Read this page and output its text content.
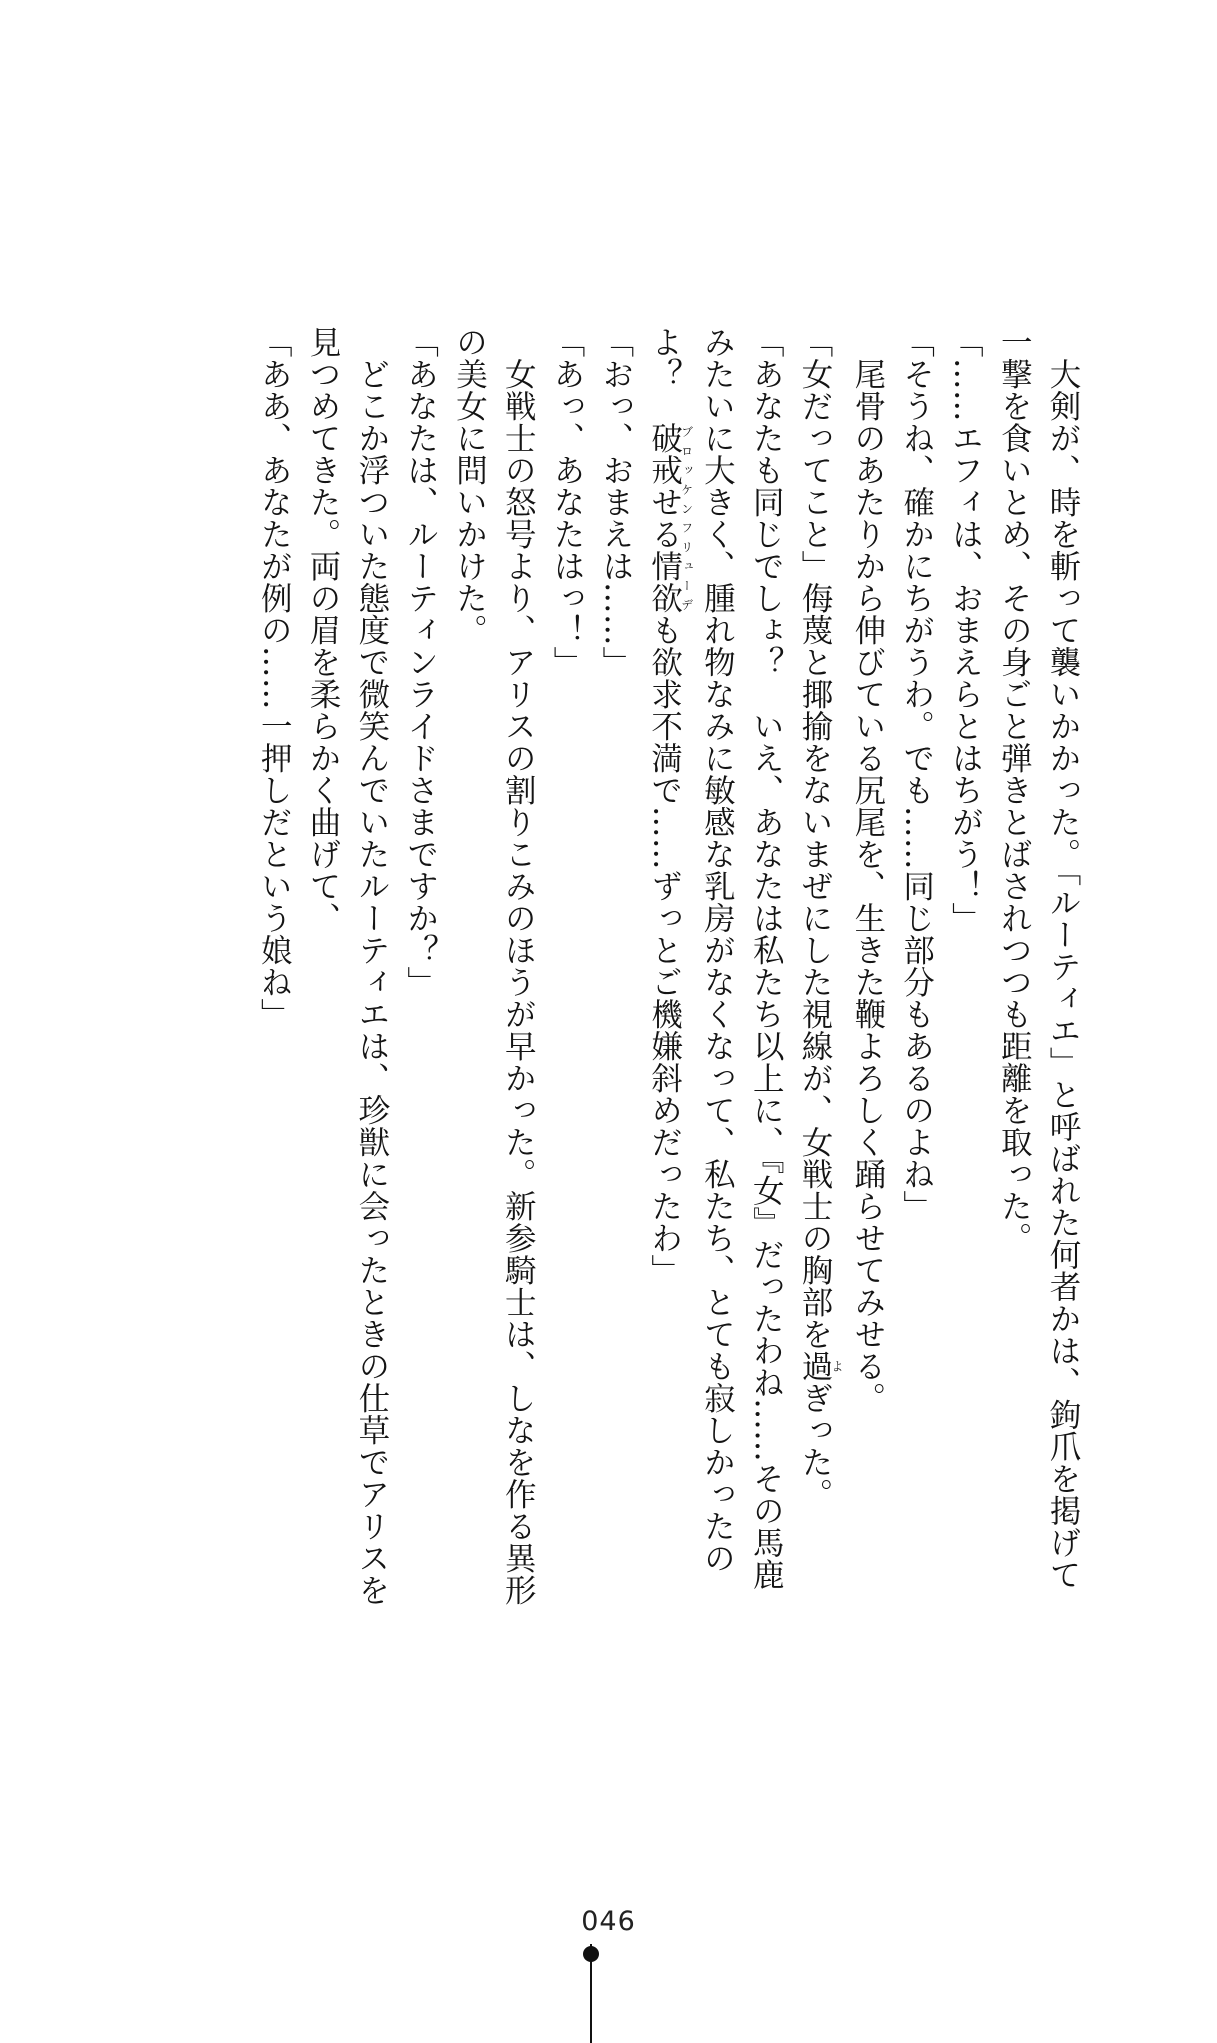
　大剣が、時を斬って襲いかかった。「ルーティエ」と呼ばれた何者かは、鉤爪を掲げて
一撃を食いとめ、その身ごと弾きとばされつつも距離を取った。
「……エフィは、おまえらとはちがう！」
「そうね、確かにちがうわ。でも……同じ部分もあるのよね」
　尾骨のあたりから伸びている尻尾を、生きた鞭よろしく踊らせてみせる。
「女だってこと」侮蔑と揶揄をないまぜにした視線が、女戦士の胸部を過よぎった。
「あなたも同じでしょ？　いえ、あなたは私たち以上に、『女』だったわね……その馬鹿
みたいに大きく、腫れ物なみに敏感な乳房がなくなって、私たち、とても寂しかったの
よ？　破戒せる情欲ブロッケンフリューデも欲求不満で……ずっとご機嫌斜めだったわ」
「おっ、おまえは……」
「あっ、あなたはっ！」
　女戦士の怒号より、アリスの割りこみのほうが早かった。新参騎士は、しなを作る異形
の美女に問いかけた。
「あなたは、ルーティンライドさまですか？」
　どこか浮ついた態度で微笑んでいたルーティエは、珍獣に会ったときの仕草でアリスを
見つめてきた。両の眉を柔らかく曲げて、
「ああ、あなたが例の……一押しだという娘ね」
046
